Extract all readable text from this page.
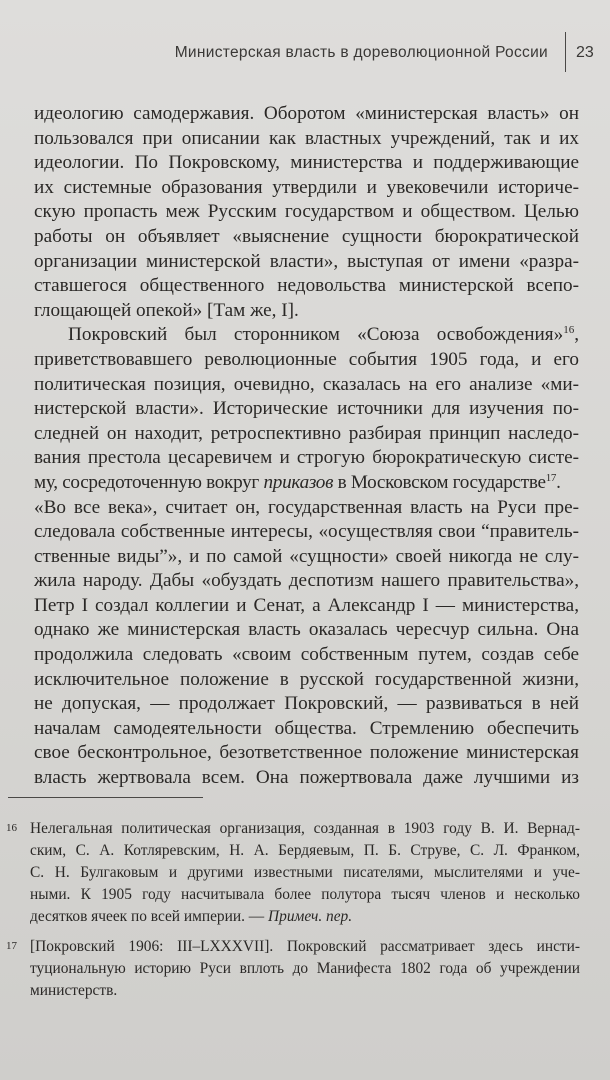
Министерская власть в дореволюционной России 23
идеологию самодержавия. Оборотом «министерская власть» он
пользовался при описании как властных учреждений, так и их
идеологии. По Покровскому, министерства и поддерживающие
их системные образования утвердили и увековечили историче-
скую пропасть меж Русским государством и обществом. Целью
работы он объявляет «выяснение сущности бюрократической
организации министерской власти», выступая от имени «разра-
ставшегося общественного недовольства министерской всепо-
глощающей опекой» [Там же, I].
Покровский был сторонником «Союза освобождения»$^{16}$,
приветствовавшего революционные события 1905 года, и его
политическая позиция, очевидно, сказалась на его анализе «ми-
нистерской власти». Исторические источники для изучения по-
следней он находит, ретроспективно разбирая принцип наследо-
вания престола цесаревичем и строгую бюрократическую систе-
му, сосредоточенную вокруг приказов в Московском государстве$^{17}$.
«Во все века», считает он, государственная власть на Руси пре-
следовала собственные интересы, «осуществляя свои “правитель-
ственные виды”», и по самой «сущности» своей никогда не слу-
жила народу. Дабы «обуздать деспотизм нашего правительства»,
Петр I создал коллегии и Сенат, а Александр I — министерства,
однако же министерская власть оказалась чересчур сильна. Она
продолжила следовать «своим собственным путем, создав себе
исключительное положение в русской государственной жизни,
не допуская, — продолжает Покровский, — развиваться в ней
началам самодеятельности общества. Стремлению обеспечить
свое бесконтрольное, безответственное положение министерская
власть жертвовала всем. Она пожертвовала даже лучшими из
16 Нелегальная политическая организация, созданная в 1903 году В. И. Вернад-
ским, С. А. Котляревским, Н. А. Бердяевым, П. Б. Струве, С. Л. Франком,
С. Н. Булгаковым и другими известными писателями, мыслителями и уче-
ными. К 1905 году насчитывала более полутора тысяч членов и несколько
десятков ячеек по всей империи. — Примеч. пер.
17 [Покровский 1906: III–LXXXVII]. Покровский рассматривает здесь инсти-
туциональную историю Руси вплоть до Манифеста 1802 года об учреждении
министерств.
